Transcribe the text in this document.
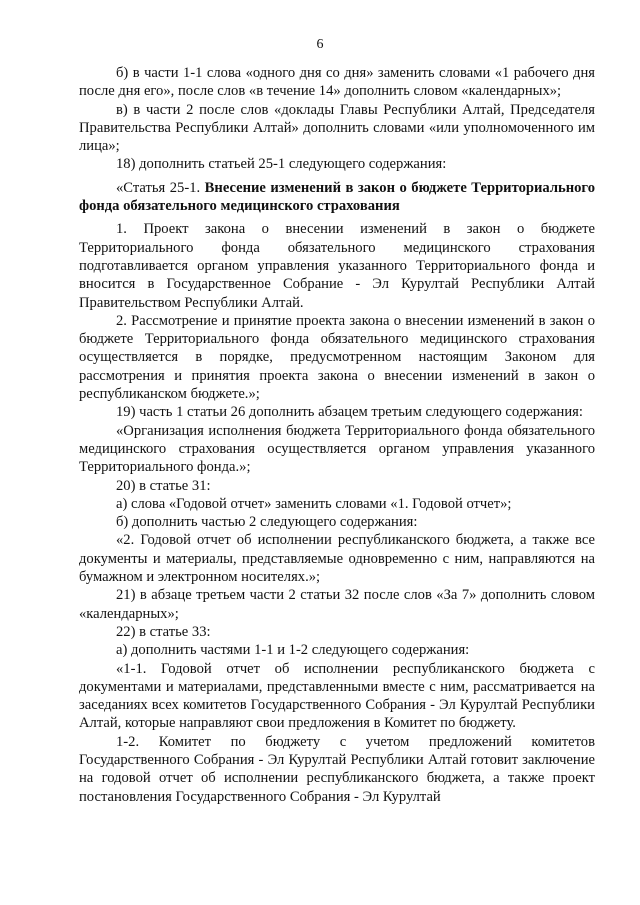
6

б) в части 1-1 слова «одного дня со дня» заменить словами «1 рабочего дня после дня его», после слов «в течение 14» дополнить словом «календарных»;

в) в части 2 после слов «доклады Главы Республики Алтай, Председателя Правительства Республики Алтай» дополнить словами «или уполномоченного им лица»;

18) дополнить статьей 25-1 следующего содержания:

«Статья 25-1. Внесение изменений в закон о бюджете Территориального фонда обязательного медицинского страхования

1. Проект закона о внесении изменений в закон о бюджете Территориального фонда обязательного медицинского страхования подготавливается органом управления указанного Территориального фонда и вносится в Государственное Собрание - Эл Курултай Республики Алтай Правительством Республики Алтай.

2. Рассмотрение и принятие проекта закона о внесении изменений в закон о бюджете Территориального фонда обязательного медицинского страхования осуществляется в порядке, предусмотренном настоящим Законом для рассмотрения и принятия проекта закона о внесении изменений в закон о республиканском бюджете.»;

19) часть 1 статьи 26 дополнить абзацем третьим следующего содержания:

«Организация исполнения бюджета Территориального фонда обязательного медицинского страхования осуществляется органом управления указанного Территориального фонда.»;

20) в статье 31:

а) слова «Годовой отчет» заменить словами «1. Годовой отчет»;

б) дополнить частью 2 следующего содержания:

«2. Годовой отчет об исполнении республиканского бюджета, а также все документы и материалы, представляемые одновременно с ним, направляются на бумажном и электронном носителях.»;

21) в абзаце третьем части 2 статьи 32 после слов «За 7» дополнить словом «календарных»;

22) в статье 33:

а) дополнить частями 1-1 и 1-2 следующего содержания:

«1-1. Годовой отчет об исполнении республиканского бюджета с документами и материалами, представленными вместе с ним, рассматривается на заседаниях всех комитетов Государственного Собрания - Эл Курултай Республики Алтай, которые направляют свои предложения в Комитет по бюджету.

1-2. Комитет по бюджету с учетом предложений комитетов Государственного Собрания - Эл Курултай Республики Алтай готовит заключение на годовой отчет об исполнении республиканского бюджета, а также проект постановления Государственного Собрания - Эл Курултай
